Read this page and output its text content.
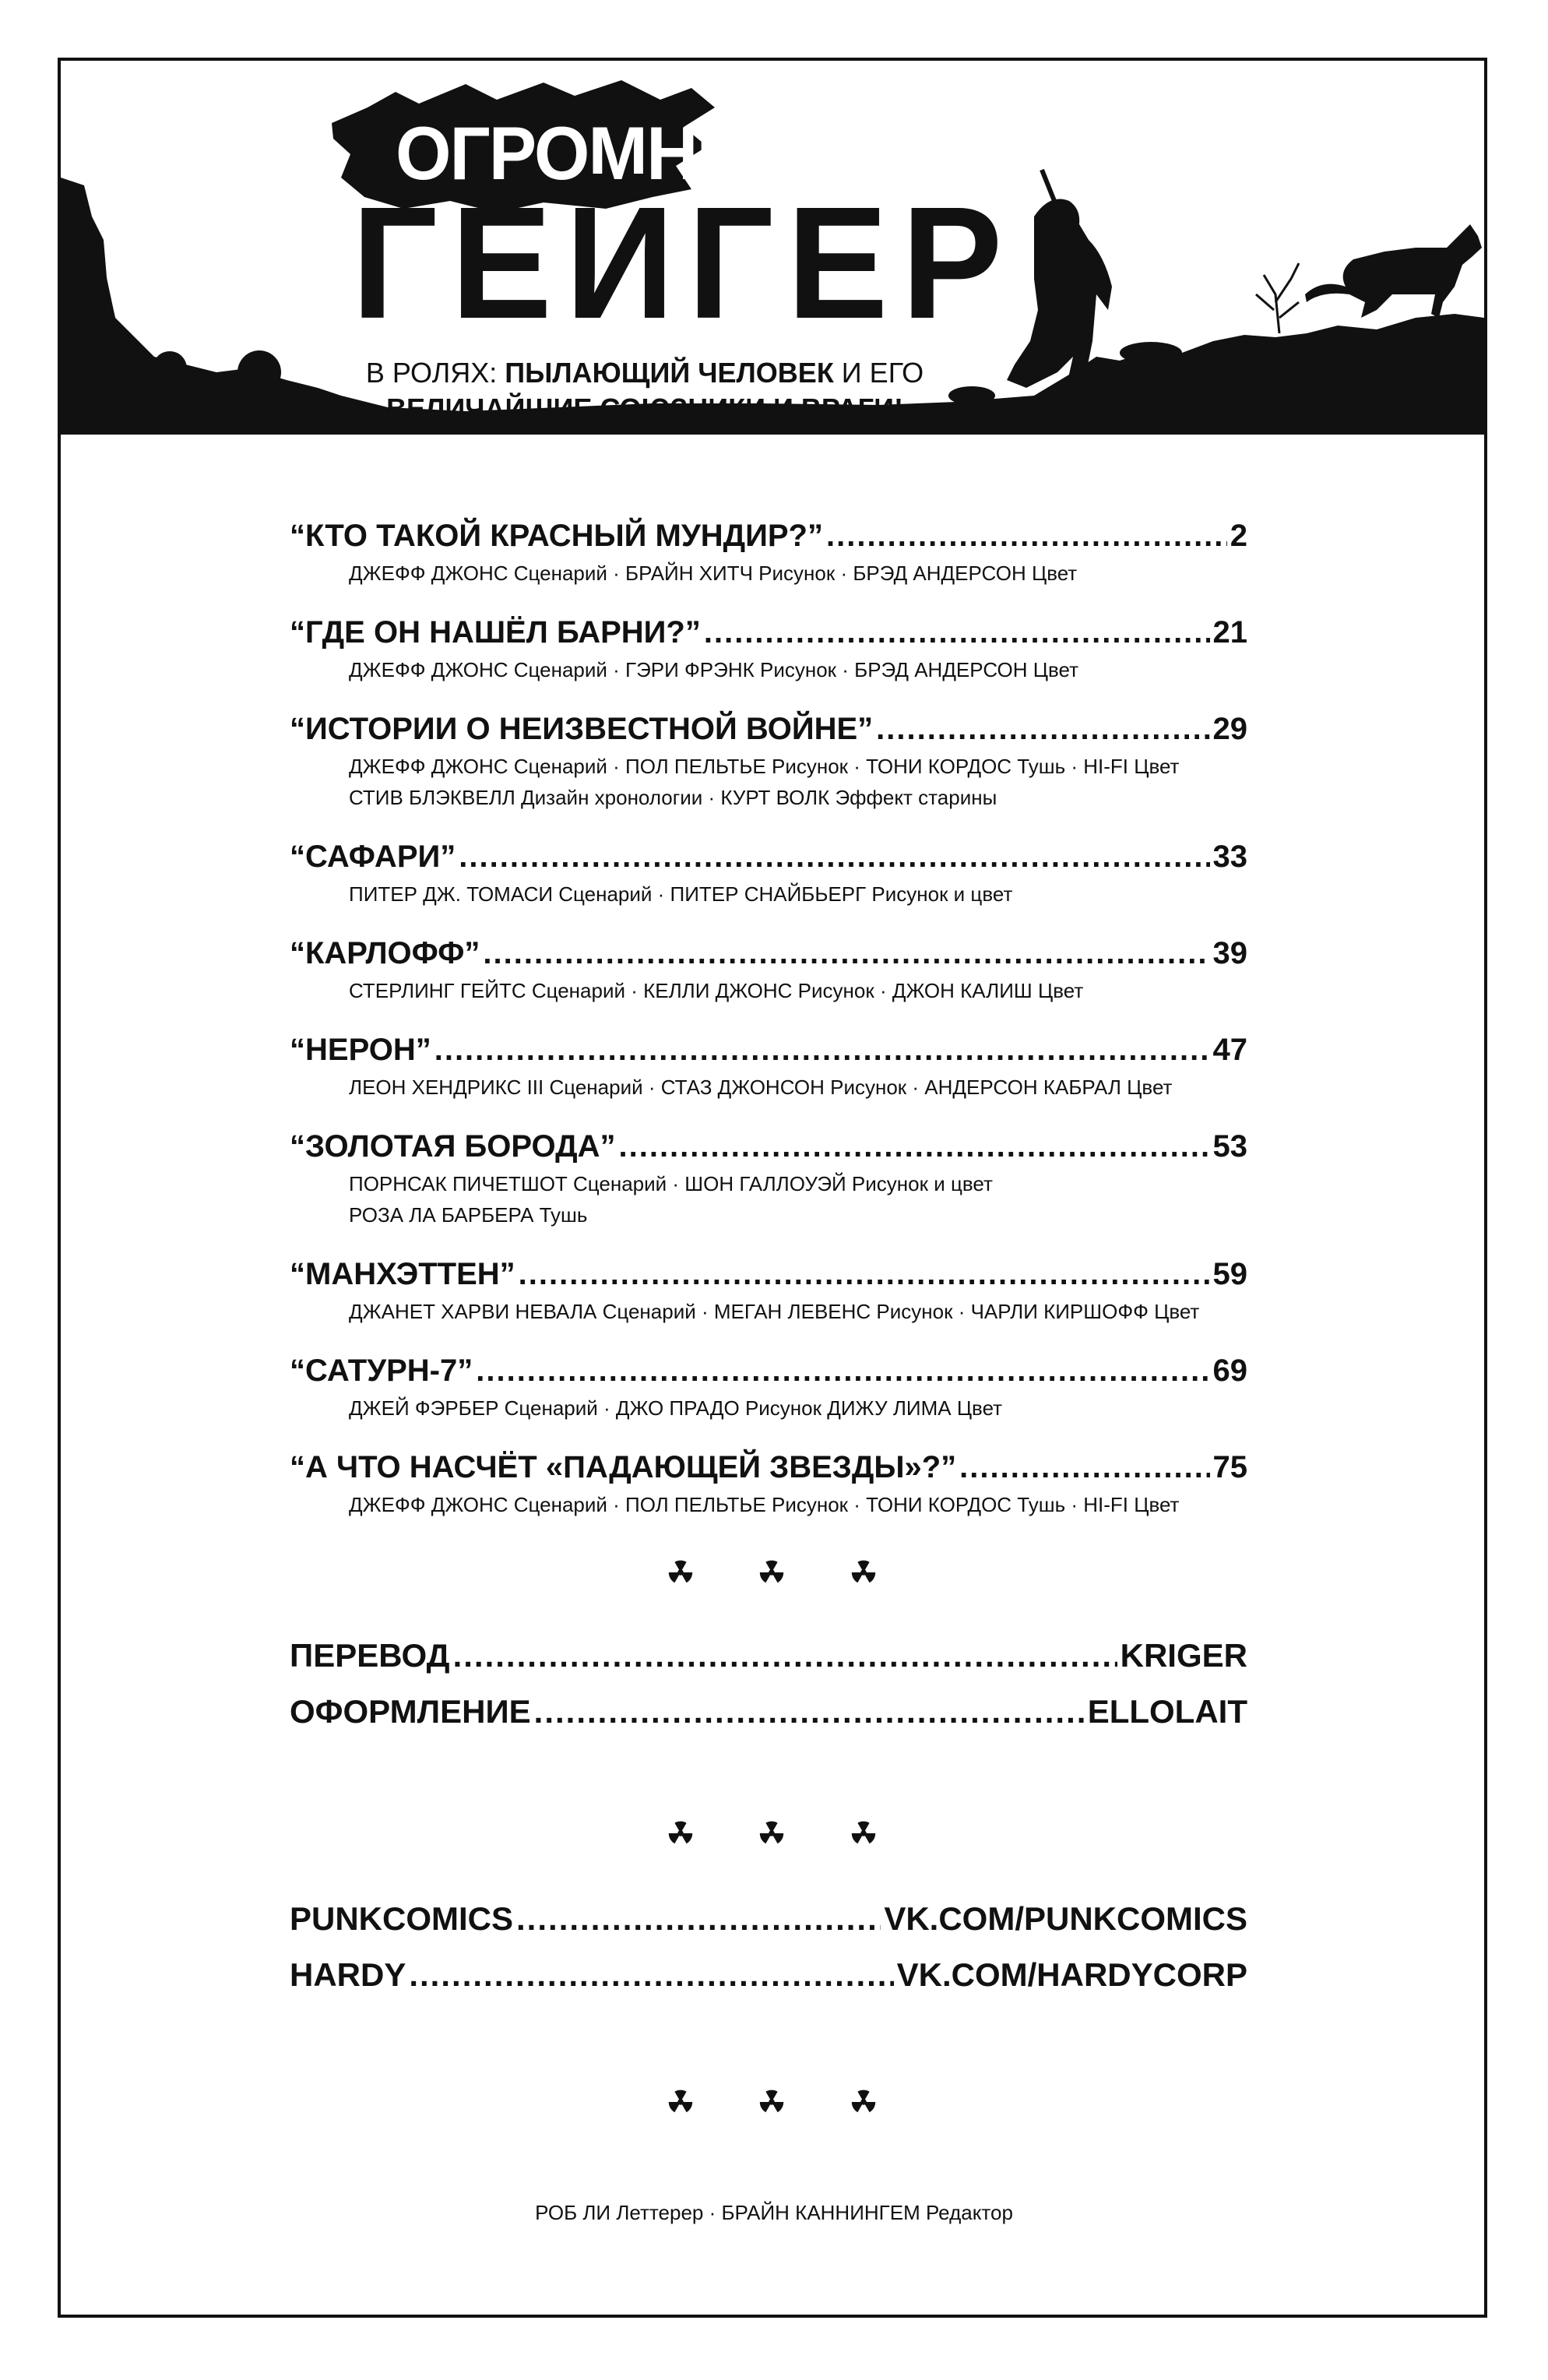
ОГРОМНЫЙ
ГЕЙГЕР
В РОЛЯХ: ПЫЛАЮЩИЙ ЧЕЛОВЕК И ЕГО
ВЕЛИЧАЙШИЕ СОЮЗНИКИ И ВРАГИ!
“КТО ТАКОЙ КРАСНЫЙ МУНДИР?” .....	2
ДЖЕФФ ДЖОНС Сценарий · БРАЙН ХИТЧ Рисунок · БРЭД АНДЕРСОН Цвет
“ГДЕ ОН НАШЁЛ БАРНИ?” .....	21
ДЖЕФФ ДЖОНС Сценарий · ГЭРИ ФРЭНК Рисунок · БРЭД АНДЕРСОН Цвет
“ИСТОРИИ О НЕИЗВЕСТНОЙ ВОЙНЕ” .....	29
ДЖЕФФ ДЖОНС Сценарий · ПОЛ ПЕЛЬТЬЕ Рисунок · ТОНИ КОРДОС Тушь · HI-FI Цвет
СТИВ БЛЭКВЕЛЛ Дизайн хронологии · КУРТ ВОЛК Эффект старины
“САФАРИ” .....	33
ПИТЕР ДЖ. ТОМАСИ Сценарий · ПИТЕР СНАЙБЬЕРГ Рисунок и цвет
“КАРЛОФФ” .....	39
СТЕРЛИНГ ГЕЙТС Сценарий · КЕЛЛИ ДЖОНС Рисунок · ДЖОН КАЛИШ Цвет
“НЕРОН” .....	47
ЛЕОН ХЕНДРИКС III Сценарий · СТАЗ ДЖОНСОН Рисунок · АНДЕРСОН КАБРАЛ Цвет
“ЗОЛОТАЯ БОРОДА” .....	53
ПОРНСАК ПИЧЕТШОТ Сценарий · ШОН ГАЛЛОУЭЙ Рисунок и цвет
РОЗА ЛА БАРБЕРА Тушь
“МАНХЭТТЕН” .....	59
ДЖАНЕТ ХАРВИ НЕВАЛА Сценарий · МЕГАН ЛЕВЕНС Рисунок · ЧАРЛИ КИРШОФФ Цвет
“САТУРН-7” .....	69
ДЖЕЙ ФЭРБЕР Сценарий · ДЖО ПРАДО Рисунок ДИЖУ ЛИМА Цвет
“А ЧТО НАСЧЁТ «ПАДАЮЩЕЙ ЗВЕЗДЫ»?” .....	75
ДЖЕФФ ДЖОНС Сценарий · ПОЛ ПЕЛЬТЬЕ Рисунок · ТОНИ КОРДОС Тушь · HI-FI Цвет
ПЕРЕВОД .....	KRIGER
ОФОРМЛЕНИЕ .....	ELLOLAIT
PUNKCOMICS .....	VK.COM/PUNKCOMICS
HARDY .....	VK.COM/HARDYCORP
РОБ ЛИ Леттерер · БРАЙН КАННИНГЕМ Редактор
